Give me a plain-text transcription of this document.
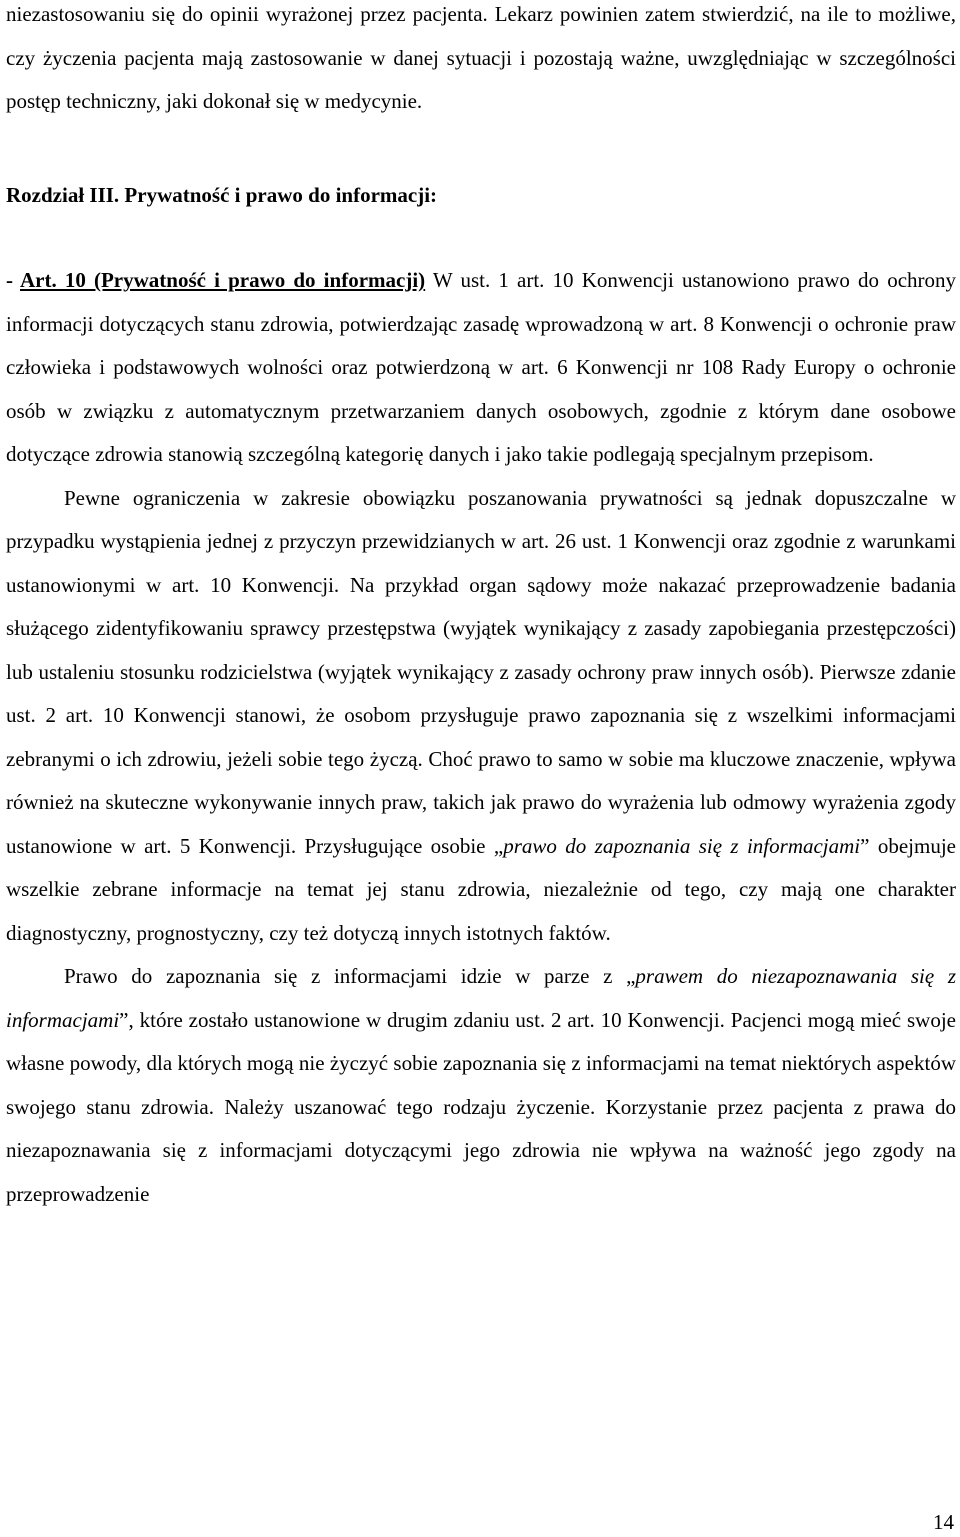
niezastosowaniu się do opinii wyrażonej przez pacjenta. Lekarz powinien zatem stwierdzić, na ile to możliwe, czy życzenia pacjenta mają zastosowanie w danej sytuacji i pozostają ważne, uwzględniając w szczególności postęp techniczny, jaki dokonał się w medycynie.

Rozdział III. Prywatność i prawo do informacji:

- Art. 10 (Prywatność i prawo do informacji) W ust. 1 art. 10 Konwencji ustanowiono prawo do ochrony informacji dotyczących stanu zdrowia, potwierdzając zasadę wprowadzoną w art. 8 Konwencji o ochronie praw człowieka i podstawowych wolności oraz potwierdzoną w art. 6 Konwencji nr 108 Rady Europy o ochronie osób w związku z automatycznym przetwarzaniem danych osobowych, zgodnie z którym dane osobowe dotyczące zdrowia stanowią szczególną kategorię danych i jako takie podlegają specjalnym przepisom.

Pewne ograniczenia w zakresie obowiązku poszanowania prywatności są jednak dopuszczalne w przypadku wystąpienia jednej z przyczyn przewidzianych w art. 26 ust. 1 Konwencji oraz zgodnie z warunkami ustanowionymi w art. 10 Konwencji. Na przykład organ sądowy może nakazać przeprowadzenie badania służącego zidentyfikowaniu sprawcy przestępstwa (wyjątek wynikający z zasady zapobiegania przestępczości) lub ustaleniu stosunku rodzicielstwa (wyjątek wynikający z zasady ochrony praw innych osób). Pierwsze zdanie ust. 2 art. 10 Konwencji stanowi, że osobom przysługuje prawo zapoznania się z wszelkimi informacjami zebranymi o ich zdrowiu, jeżeli sobie tego życzą. Choć prawo to samo w sobie ma kluczowe znaczenie, wpływa również na skuteczne wykonywanie innych praw, takich jak prawo do wyrażenia lub odmowy wyrażenia zgody ustanowione w art. 5 Konwencji. Przysługujące osobie „prawo do zapoznania się z informacjami” obejmuje wszelkie zebrane informacje na temat jej stanu zdrowia, niezależnie od tego, czy mają one charakter diagnostyczny, prognostyczny, czy też dotyczą innych istotnych faktów.

Prawo do zapoznania się z informacjami idzie w parze z „prawem do niezapoznawania się z informacjami”, które zostało ustanowione w drugim zdaniu ust. 2 art. 10 Konwencji. Pacjenci mogą mieć swoje własne powody, dla których mogą nie życzyć sobie zapoznania się z informacjami na temat niektórych aspektów swojego stanu zdrowia. Należy uszanować tego rodzaju życzenie. Korzystanie przez pacjenta z prawa do niezapoznawania się z informacjami dotyczącymi jego zdrowia nie wpływa na ważność jego zgody na przeprowadzenie

14
